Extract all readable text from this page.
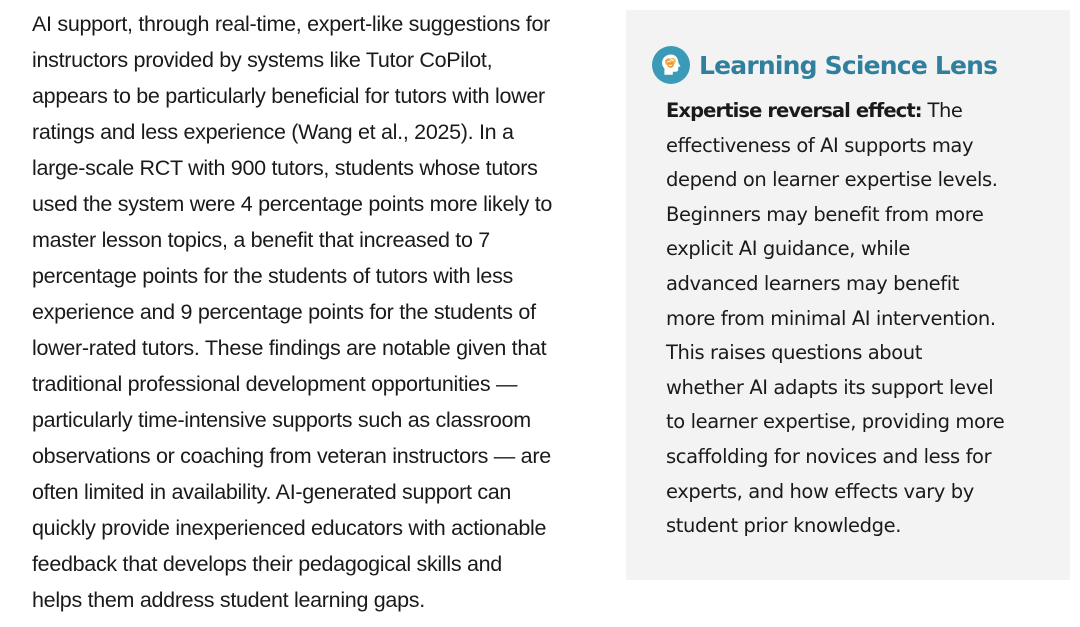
AI support, through real-time, expert-like suggestions for
instructors provided by systems like Tutor CoPilot,
appears to be particularly beneficial for tutors with lower
ratings and less experience (Wang et al., 2025). In a
large-scale RCT with 900 tutors, students whose tutors
used the system were 4 percentage points more likely to
master lesson topics, a benefit that increased to 7
percentage points for the students of tutors with less
experience and 9 percentage points for the students of
lower-rated tutors. These findings are notable given that
traditional professional development opportunities —
particularly time-intensive supports such as classroom
observations or coaching from veteran instructors — are
often limited in availability. AI-generated support can
quickly provide inexperienced educators with actionable
feedback that develops their pedagogical skills and
helps them address student learning gaps.
Learning Science Lens
Expertise reversal effect: The
effectiveness of AI supports may
depend on learner expertise levels.
Beginners may benefit from more
explicit AI guidance, while
advanced learners may benefit
more from minimal AI intervention.
This raises questions about
whether AI adapts its support level
to learner expertise, providing more
scaffolding for novices and less for
experts, and how effects vary by
student prior knowledge.
